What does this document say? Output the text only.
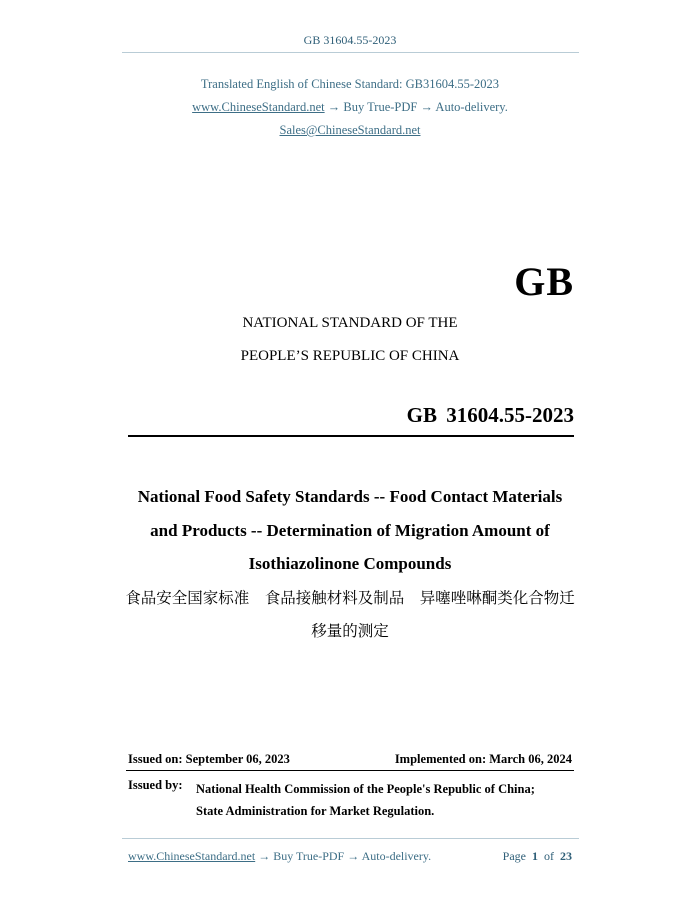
GB 31604.55-2023
Translated English of Chinese Standard: GB31604.55-2023
www.ChineseStandard.net → Buy True-PDF → Auto-delivery.
Sales@ChineseStandard.net
GB
NATIONAL STANDARD OF THE
PEOPLE’S REPUBLIC OF CHINA
GB 31604.55-2023
National Food Safety Standards -- Food Contact Materials
and Products -- Determination of Migration Amount of
Isothiazolinone Compounds
食品安全国家标准　食品接触材料及制品　异噻唑啉酮类化合物迁
移量的测定
Issued on: September 06, 2023	Implemented on: March 06, 2024
Issued by: National Health Commission of the People's Republic of China;
State Administration for Market Regulation.
www.ChineseStandard.net → Buy True-PDF → Auto-delivery.	Page 1 of 23
